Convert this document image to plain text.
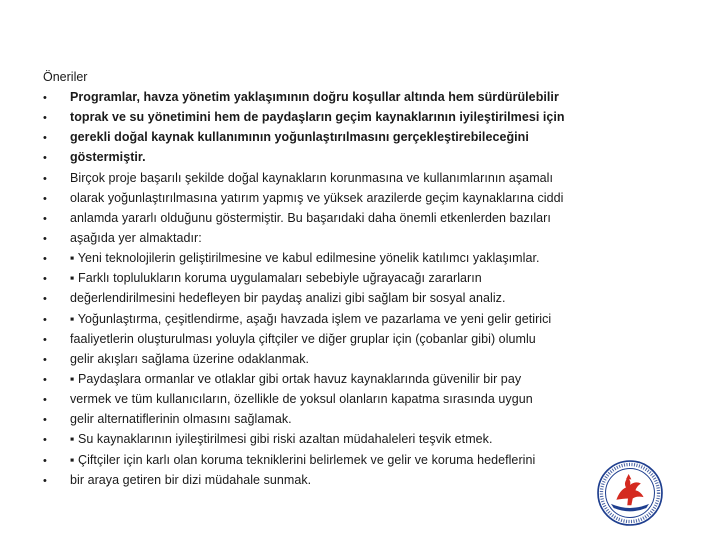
Öneriler
• Programlar, havza yönetim yaklaşımının doğru koşullar altında hem sürdürülebilir
• toprak ve su yönetimini hem de paydaşların geçim kaynaklarının iyileştirilmesi için
• gerekli doğal kaynak kullanımının yoğunlaştırılmasını gerçekleştirebileceğini
• göstermiştir.
• Birçok proje başarılı şekilde doğal kaynakların korunmasına ve kullanımlarının aşamalı
• olarak yoğunlaştırılmasına yatırım yapmış ve yüksek arazilerde geçim kaynaklarına ciddi
• anlamda yararlı olduğunu göstermiştir. Bu başarıdaki daha önemli etkenlerden bazıları
• aşağıda yer almaktadır:
• ▪ Yeni teknolojilerin geliştirilmesine ve kabul edilmesine yönelik katılımcı yaklaşımlar.
• ▪ Farklı toplulukların koruma uygulamaları sebebiyle uğrayacağı zararların
• değerlendirilmesini hedefleyen bir paydaş analizi gibi sağlam bir sosyal analiz.
• ▪ Yoğunlaştırma, çeşitlendirme, aşağı havzada işlem ve pazarlama ve yeni gelir getirici
• faaliyetlerin oluşturulması yoluyla çiftçiler ve diğer gruplar için (çobanlar gibi) olumlu
• gelir akışları sağlama üzerine odaklanmak.
• ▪ Paydaşlara ormanlar ve otlaklar gibi ortak havuz kaynaklarında güvenilir bir pay
• vermek ve tüm kullanıcıların, özellikle de yoksul olanların kapatma sırasında uygun
• gelir alternatiflerinin olmasını sağlamak.
• ▪ Su kaynaklarının iyileştirilmesi gibi riski azaltan müdahaleleri teşvik etmek.
• ▪ Çiftçiler için karlı olan koruma tekniklerini belirlemek ve gelir ve koruma hedeflerini
• bir araya getiren bir dizi müdahale sunmak.
